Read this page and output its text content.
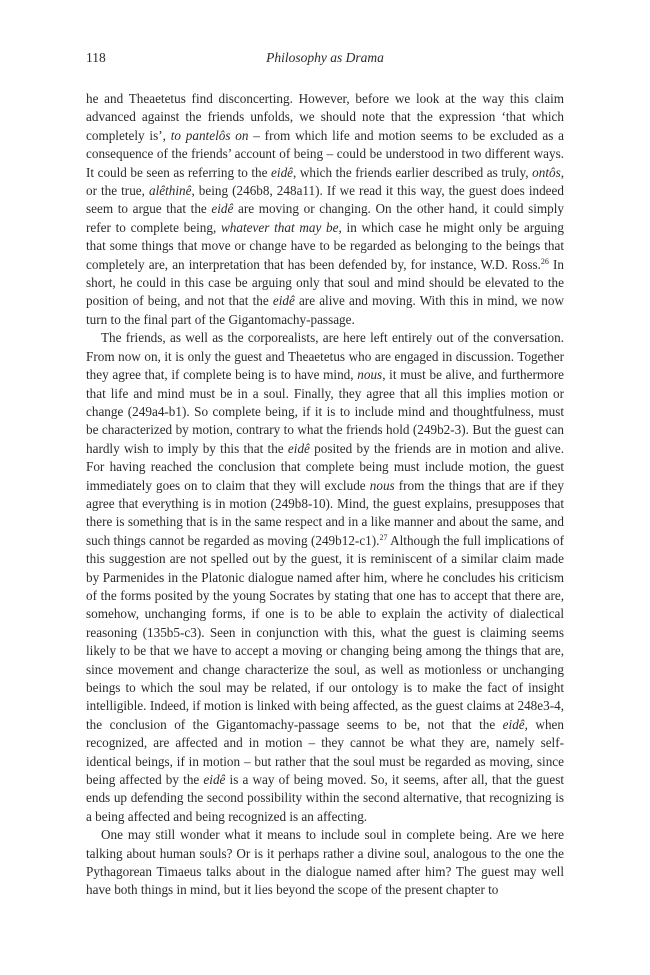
118	Philosophy as Drama

he and Theaetetus find disconcerting. However, before we look at the way this claim advanced against the friends unfolds, we should note that the expression ‘that which completely is’, to pantelôs on – from which life and motion seems to be excluded as a consequence of the friends’ account of being – could be understood in two different ways. It could be seen as referring to the eidê, which the friends earlier described as truly, ontôs, or the true, alêthinê, being (246b8, 248a11). If we read it this way, the guest does indeed seem to argue that the eidê are moving or changing. On the other hand, it could simply refer to complete being, whatever that may be, in which case he might only be arguing that some things that move or change have to be regarded as belonging to the beings that completely are, an interpretation that has been defended by, for instance, W.D. Ross.$^{26}$ In short, he could in this case be arguing only that soul and mind should be elevated to the position of being, and not that the eidê are alive and moving. With this in mind, we now turn to the final part of the Gigantomachy-passage.

The friends, as well as the corporealists, are here left entirely out of the conversation. From now on, it is only the guest and Theaetetus who are engaged in discussion. Together they agree that, if complete being is to have mind, nous, it must be alive, and furthermore that life and mind must be in a soul. Finally, they agree that all this implies motion or change (249a4-b1). So complete being, if it is to include mind and thoughtfulness, must be characterized by motion, contrary to what the friends hold (249b2-3). But the guest can hardly wish to imply by this that the eidê posited by the friends are in motion and alive. For having reached the conclusion that complete being must include motion, the guest immediately goes on to claim that they will exclude nous from the things that are if they agree that everything is in motion (249b8-10). Mind, the guest explains, presupposes that there is something that is in the same respect and in a like manner and about the same, and such things cannot be regarded as moving (249b12-c1).$^{27}$ Although the full implications of this suggestion are not spelled out by the guest, it is reminiscent of a similar claim made by Parmenides in the Platonic dialogue named after him, where he concludes his criticism of the forms posited by the young Socrates by stating that one has to accept that there are, somehow, unchanging forms, if one is to be able to explain the activity of dialectical reasoning (135b5-c3). Seen in conjunction with this, what the guest is claiming seems likely to be that we have to accept a moving or changing being among the things that are, since movement and change characterize the soul, as well as motionless or unchanging beings to which the soul may be related, if our ontology is to make the fact of insight intelligible. Indeed, if motion is linked with being affected, as the guest claims at 248e3-4, the conclusion of the Gigantomachy-passage seems to be, not that the eidê, when recognized, are affected and in motion – they cannot be what they are, namely self-identical beings, if in motion – but rather that the soul must be regarded as moving, since being affected by the eidê is a way of being moved. So, it seems, after all, that the guest ends up defending the second possibility within the second alternative, that recognizing is a being affected and being recognized is an affecting.

One may still wonder what it means to include soul in complete being. Are we here talking about human souls? Or is it perhaps rather a divine soul, analogous to the one the Pythagorean Timaeus talks about in the dialogue named after him? The guest may well have both things in mind, but it lies beyond the scope of the present chapter to
